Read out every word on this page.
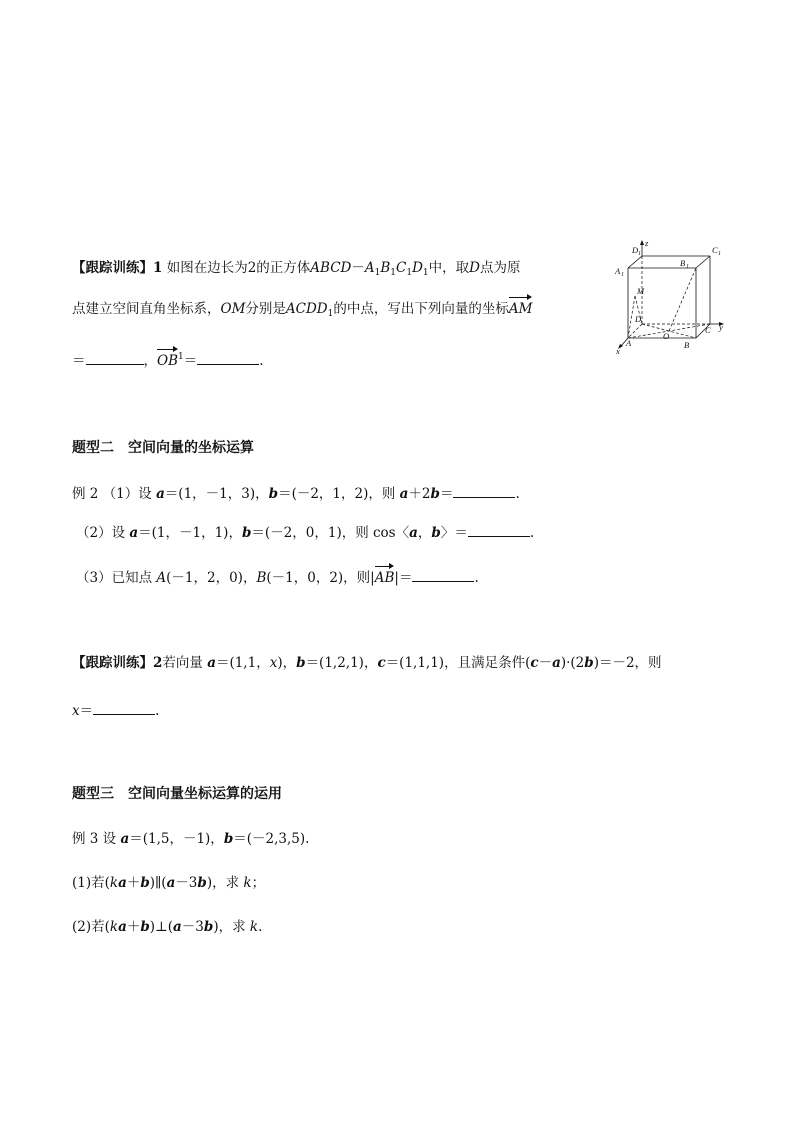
【跟踪训练】1 如图在边长为2的正方体$ABCD-A_1B_1C_1D_1$中，取D点为原
点建立空间直角坐标系，OM分别是$ACDD_1$的中点，写出下列向量的坐标AM
＝	，$OB^1=$	.
D 1
z
C 1
A 1
B 1
M
D
C y
O
A	B
x
题型二　空间向量的坐标运算
例 2 （1）设 a＝(1，－1，3)，b＝(－2，1，2)，则 a＋2b＝	.
（2）设 a＝(1，－1，1)，b＝(－2，0，1)，则 cos〈a，b〉＝	.
（3）已知点 A(－1，2，0)，B(－1，0，2)，则|AB|＝	.
【跟踪训练】2若向量 a＝(1,1，x)，b＝(1,2,1)，c＝(1,1,1)，且满足条件(c－a)·(2b)＝－2，则
x＝	.
题型三　空间向量坐标运算的运用
例 3 设 a＝(1,5，－1)，b＝(－2,3,5).
(1)若(ka＋b)∥(a－3b)，求 k；
(2)若(ka＋b)⊥(a－3b)，求 k.
